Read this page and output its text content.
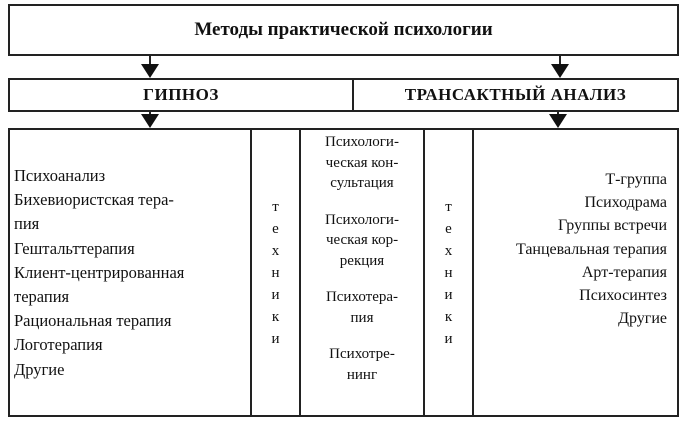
Методы практической психологии
ГИПНОЗ	ТРАНСАКТНЫЙ АНАЛИЗ
Психоанализ
Бихевиористская тера-
пия
Гештальттерапия
Клиент-центрированная
терапия
Рациональная терапия
Логотерапия
Другие
т
е
х
н
и
к
и
Психологи-
ческая кон-
сультация
Психологи-
ческая кор-
рекция
Психотера-
пия
Психотре-
нинг
т
е
х
н
и
к
и
Т-группа
Психодрама
Группы встречи
Танцевальная терапия
Арт-терапия
Психосинтез
Другие
